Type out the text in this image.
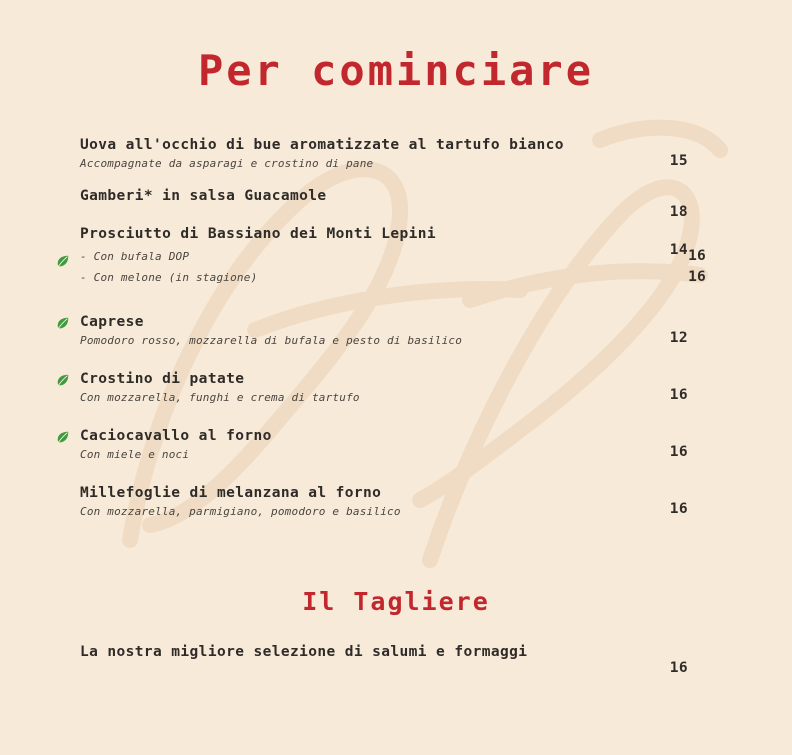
Per cominciare
Uova all'occhio di bue aromatizzate al tartufo bianco
15
Accompagnate da asparagi e crostino di pane
Gamberi* in salsa Guacamole
18
Prosciutto di Bassiano dei Monti Lepini
14
- Con bufala DOP	16
- Con melone (in stagione)	16
Caprese
12
Pomodoro rosso, mozzarella di bufala e pesto di basilico
Crostino di patate
16
Con mozzarella, funghi e crema di tartufo
Caciocavallo al forno
16
Con miele e noci
Millefoglie di melanzana al forno
16
Con mozzarella, parmigiano, pomodoro e basilico
Il Tagliere
La nostra migliore selezione di salumi e formaggi
16
